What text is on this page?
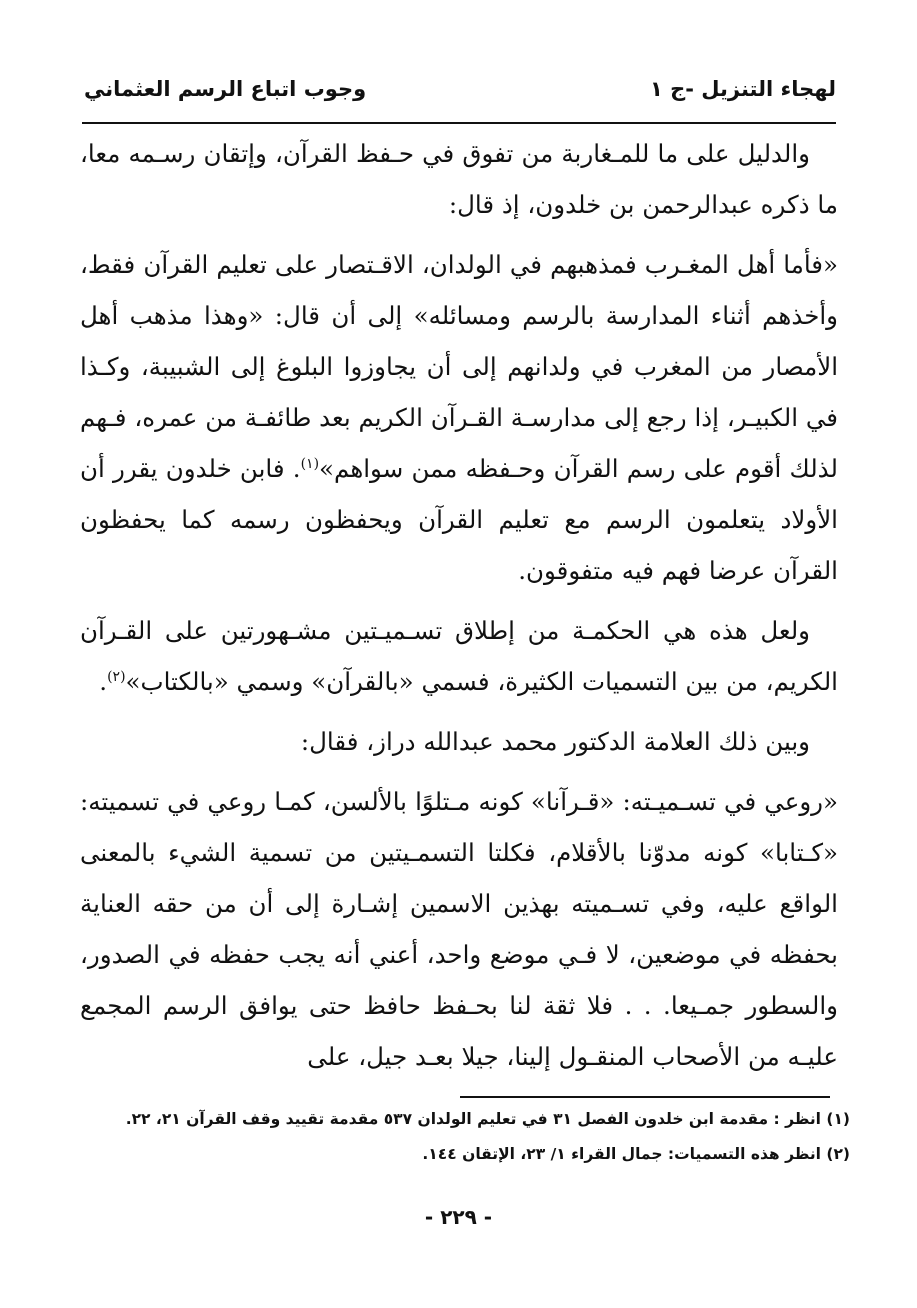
لهجاء التنزيل -ج ١
وجوب اتباع الرسم العثماني

والدليل على ما للمـغاربة من تفوق في حـفظ القرآن، وإتقان رسـمه معا، ما ذكره عبدالرحمن بن خلدون، إذ قال:

«فأما أهل المغـرب فمذهبهم في الولدان، الاقـتصار على تعليم القرآن فقط، وأخذهم أثناء المدارسة بالرسم ومسائله» إلى أن قال: «وهذا مذهب أهل الأمصار من المغرب في ولدانهم إلى أن يجاوزوا البلوغ إلى الشبيبة، وكـذا في الكبيـر، إذا رجع إلى مدارسـة القـرآن الكريم بعد طائفـة من عمره، فـهم لذلك أقوم على رسم القرآن وحـفظه ممن سواهم»$^{(١)}$. فابن خلدون يقرر أن الأولاد يتعلمون الرسم مع تعليم القرآن ويحفظون رسمه كما يحفظون القرآن عرضا فهم فيه متفوقون.

ولعل هذه هي الحكمـة من إطلاق تسـميـتين مشـهورتين على القـرآن الكريم، من بين التسميات الكثيرة، فسمي «بالقرآن» وسمي «بالكتاب»$^{(٢)}$.

وبين ذلك العلامة الدكتور محمد عبدالله دراز، فقال:

«روعي في تسـميـته: «قـرآنا» كونه مـتلوًا بالألسن، كمـا روعي في تسميته: «كـتابا» كونه مدوّنا بالأقلام، فكلتا التسمـيتين من تسمية الشيء بالمعنى الواقع عليه، وفي تسـميته بهذين الاسمين إشـارة إلى أن من حقه العناية بحفظه في موضعين، لا فـي موضع واحد، أعني أنه يجب حفظه في الصدور، والسطور جمـيعا. . . فلا ثقة لنا بحـفظ حافظ حتى يوافق الرسم المجمع عليـه من الأصحاب المنقـول إلينا، جيلا بعـد جيل، على

(١) انظر : مقدمة ابن خلدون الفصل ٣١ في تعليم الولدان ٥٣٧ مقدمة تقييد وقف القرآن ٢١، ٢٢.
(٢) انظر هذه التسميات: جمال القراء ١/ ٢٣، الإتقان ١٤٤.
- ٢٢٩ -
